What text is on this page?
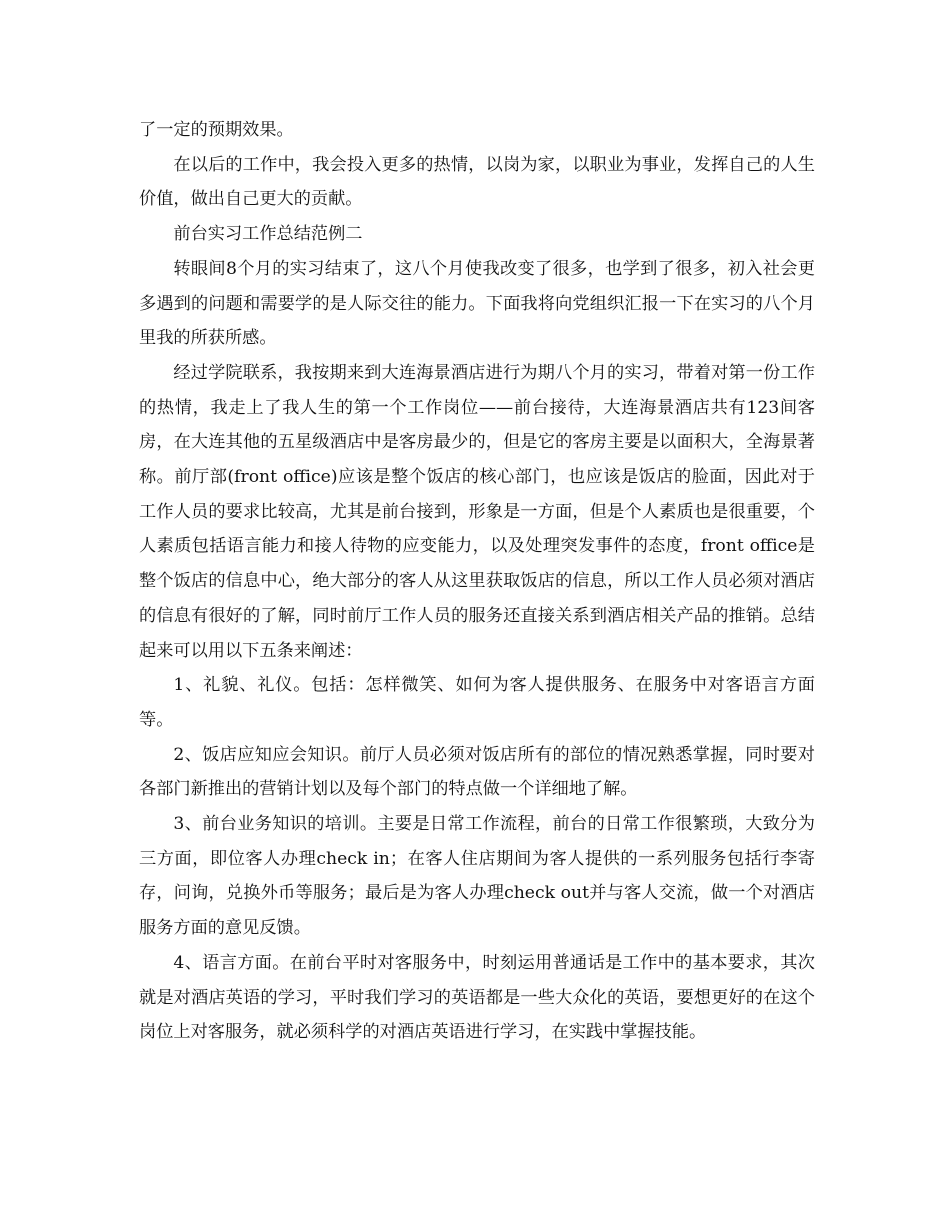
了一定的预期效果。

在以后的工作中，我会投入更多的热情，以岗为家，以职业为事业，发挥自己的人生价值，做出自己更大的贡献。

前台实习工作总结范例二

转眼间8个月的实习结束了，这八个月使我改变了很多，也学到了很多，初入社会更多遇到的问题和需要学的是人际交往的能力。下面我将向党组织汇报一下在实习的八个月里我的所获所感。

经过学院联系，我按期来到大连海景酒店进行为期八个月的实习，带着对第一份工作的热情，我走上了我人生的第一个工作岗位——前台接待，大连海景酒店共有123间客房，在大连其他的五星级酒店中是客房最少的，但是它的客房主要是以面积大，全海景著称。前厅部(front office)应该是整个饭店的核心部门，也应该是饭店的脸面，因此对于工作人员的要求比较高，尤其是前台接到，形象是一方面，但是个人素质也是很重要，个人素质包括语言能力和接人待物的应变能力，以及处理突发事件的态度，front office是整个饭店的信息中心，绝大部分的客人从这里获取饭店的信息，所以工作人员必须对酒店的信息有很好的了解，同时前厅工作人员的服务还直接关系到酒店相关产品的推销。总结起来可以用以下五条来阐述：

1、礼貌、礼仪。包括：怎样微笑、如何为客人提供服务、在服务中对客语言方面等。

2、饭店应知应会知识。前厅人员必须对饭店所有的部位的情况熟悉掌握，同时要对各部门新推出的营销计划以及每个部门的特点做一个详细地了解。

3、前台业务知识的培训。主要是日常工作流程，前台的日常工作很繁琐，大致分为三方面，即位客人办理check in；在客人住店期间为客人提供的一系列服务包括行李寄存，问询，兑换外币等服务；最后是为客人办理check out并与客人交流，做一个对酒店服务方面的意见反馈。

4、语言方面。在前台平时对客服务中，时刻运用普通话是工作中的基本要求，其次就是对酒店英语的学习，平时我们学习的英语都是一些大众化的英语，要想更好的在这个岗位上对客服务，就必须科学的对酒店英语进行学习，在实践中掌握技能。
